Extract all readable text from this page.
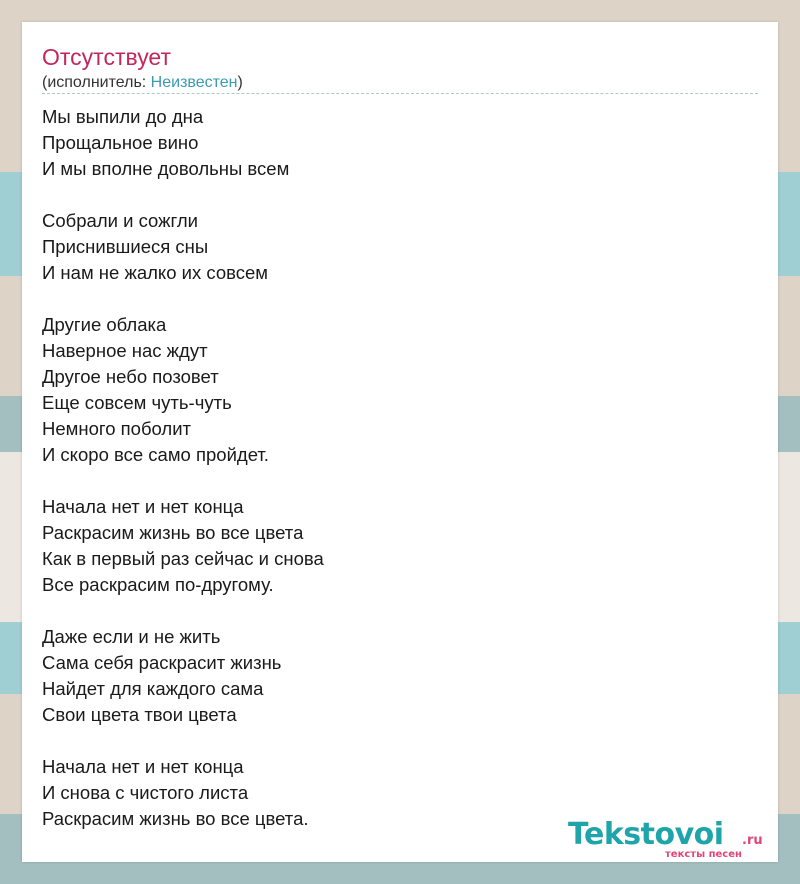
Отсутствует
(исполнитель: Неизвестен)
Мы выпили до дна
Прощальное вино
И мы вполне довольны всем
Собрали и сожгли
Приснившиеся сны
И нам не жалко их совсем
Другие облака
Наверное нас ждут
Другое небо позовет
Еще совсем чуть-чуть
Немного поболит
И скоро все само пройдет.
Начала нет и нет конца
Раскрасим жизнь во все цвета
Как в первый раз сейчас и снова
Все раскрасим по-другому.
Даже если и не жить
Сама себя раскрасит жизнь
Найдет для каждого сама
Свои цвета твои цвета
Начала нет и нет конца
И снова с чистого листа
Раскрасим жизнь во все цвета.	Tekstovoi .ru
тексты песен
